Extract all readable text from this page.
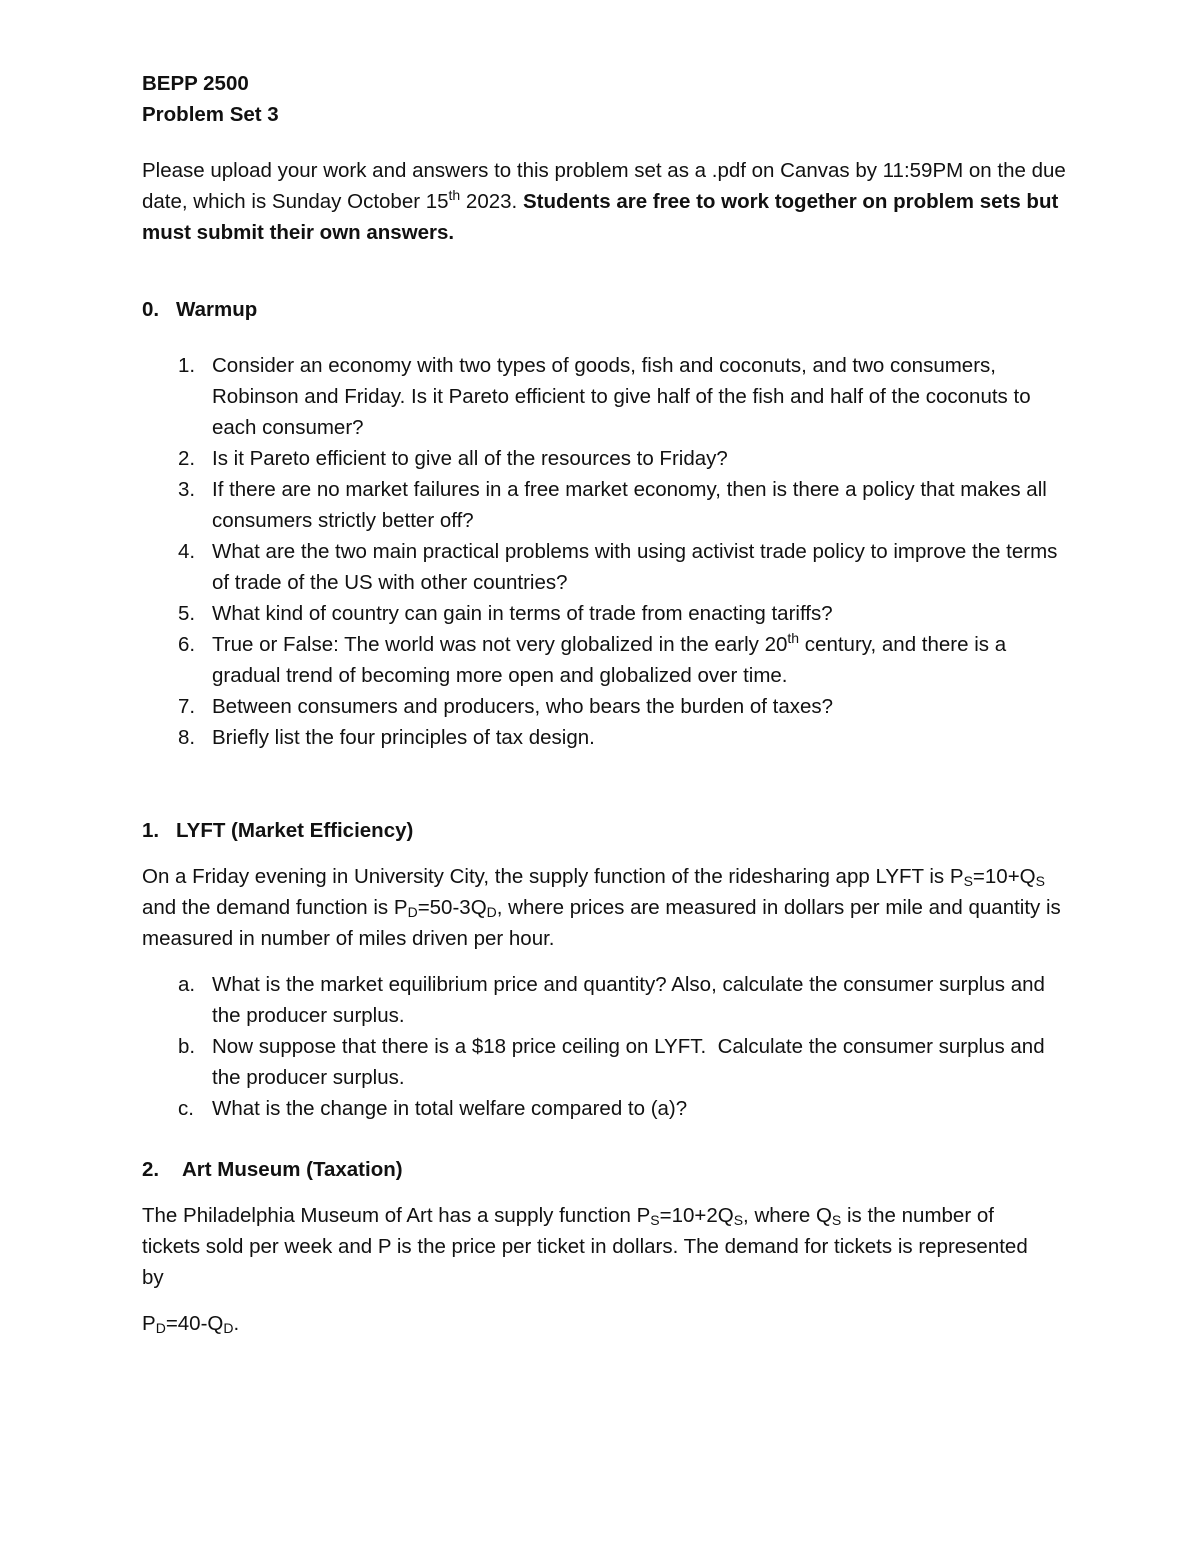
BEPP 2500

Problem Set 3

Please upload your work and answers to this problem set as a .pdf on Canvas by 11:59PM on the due date, which is Sunday October 15th 2023. Students are free to work together on problem sets but must submit their own answers.

0. Warmup
1. Consider an economy with two types of goods, fish and coconuts, and two consumers, Robinson and Friday. Is it Pareto efficient to give half of the fish and half of the coconuts to each consumer?
2. Is it Pareto efficient to give all of the resources to Friday?
3. If there are no market failures in a free market economy, then is there a policy that makes all consumers strictly better off?
4. What are the two main practical problems with using activist trade policy to improve the terms of trade of the US with other countries?
5. What kind of country can gain in terms of trade from enacting tariffs?
6. True or False: The world was not very globalized in the early 20th century, and there is a gradual trend of becoming more open and globalized over time.
7. Between consumers and producers, who bears the burden of taxes?
8. Briefly list the four principles of tax design.
1. LYFT (Market Efficiency)

On a Friday evening in University City, the supply function of the ridesharing app LYFT is $P_S=10+Q_S$ and the demand function is $P_D=50-3Q_D$, where prices are measured in dollars per mile and quantity is measured in number of miles driven per hour.

a. What is the market equilibrium price and quantity? Also, calculate the consumer surplus and the producer surplus.
b. Now suppose that there is a $18 price ceiling on LYFT.  Calculate the consumer surplus and the producer surplus.
c. What is the change in total welfare compared to (a)?
2.	Art Museum (Taxation)

The Philadelphia Museum of Art has a supply function $P_S=10+2Q_S$, where $Q_S$ is the number of tickets sold per week and P is the price per ticket in dollars. The demand for tickets is represented by

$P_D=40-Q_D$.
